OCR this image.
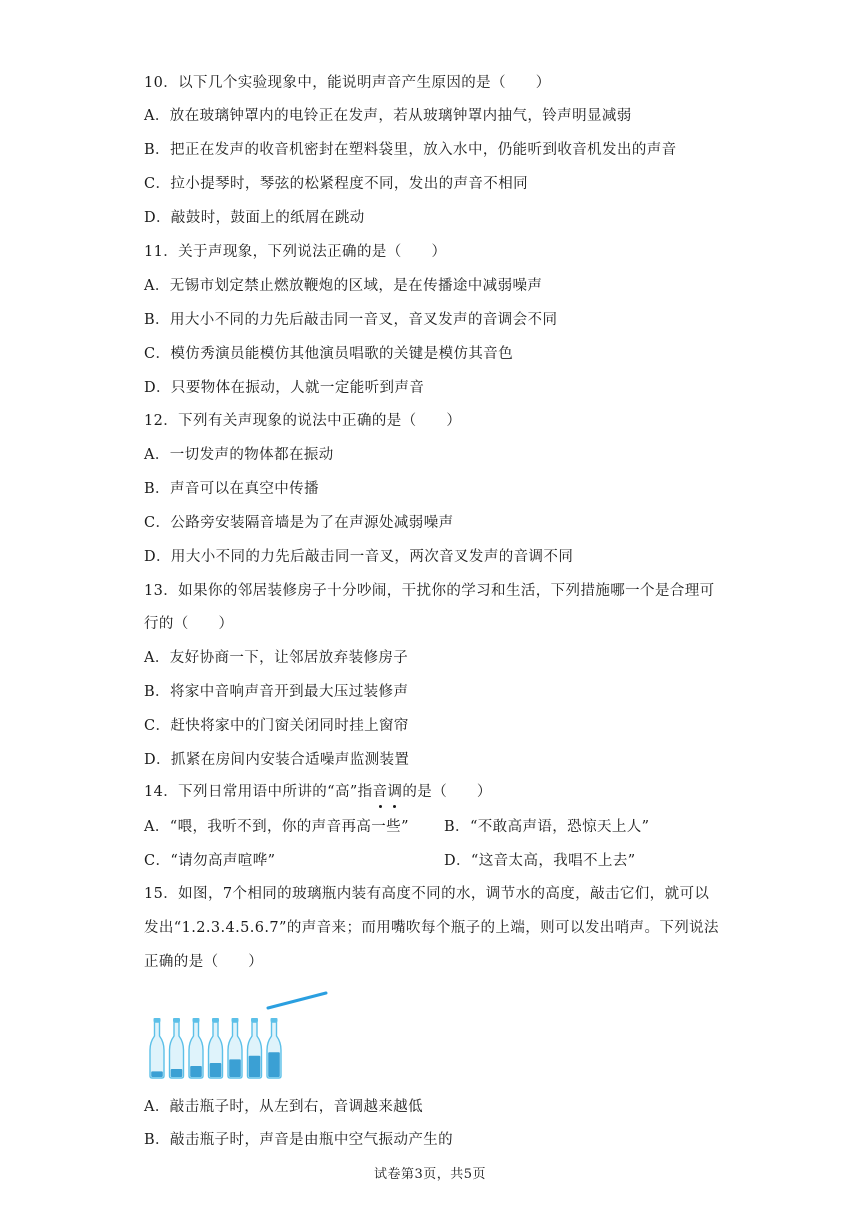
10．以下几个实验现象中，能说明声音产生原因的是（　　）
A．放在玻璃钟罩内的电铃正在发声，若从玻璃钟罩内抽气，铃声明显减弱
B．把正在发声的收音机密封在塑料袋里，放入水中，仍能听到收音机发出的声音
C．拉小提琴时，琴弦的松紧程度不同，发出的声音不相同
D．敲鼓时，鼓面上的纸屑在跳动
11．关于声现象，下列说法正确的是（　　）
A．无锡市划定禁止燃放鞭炮的区域，是在传播途中减弱噪声
B．用大小不同的力先后敲击同一音叉，音叉发声的音调会不同
C．模仿秀演员能模仿其他演员唱歌的关键是模仿其音色
D．只要物体在振动，人就一定能听到声音
12．下列有关声现象的说法中正确的是（　　）
A．一切发声的物体都在振动
B．声音可以在真空中传播
C．公路旁安装隔音墙是为了在声源处减弱噪声
D．用大小不同的力先后敲击同一音叉，两次音叉发声的音调不同
13．如果你的邻居装修房子十分吵闹，干扰你的学习和生活，下列措施哪一个是合理可
行的（　　）
A．友好协商一下，让邻居放弃装修房子
B．将家中音响声音开到最大压过装修声
C．赶快将家中的门窗关闭同时挂上窗帘
D．抓紧在房间内安装合适噪声监测装置
14．下列日常用语中所讲的“高”指音调的是（　　）
A．“喂，我听不到，你的声音再高一些” B．“不敢高声语，恐惊天上人”
C．“请勿高声喧哗”	D．“这音太高，我唱不上去”
15．如图，7个相同的玻璃瓶内装有高度不同的水，调节水的高度，敲击它们，就可以
发出“1.2.3.4.5.6.7”的声音来；而用嘴吹每个瓶子的上端，则可以发出哨声。下列说法
正确的是（　　）
A．敲击瓶子时，从左到右，音调越来越低
B．敲击瓶子时，声音是由瓶中空气振动产生的
试卷第3页，共5页
